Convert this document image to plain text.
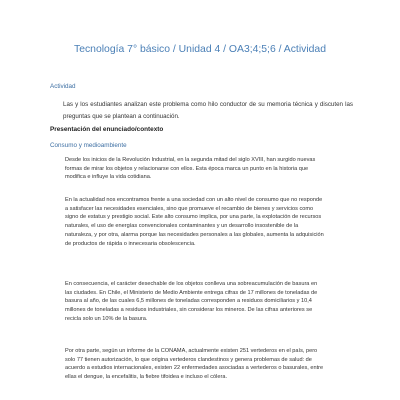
Tecnología 7° básico / Unidad 4 / OA3;4;5;6 / Actividad

Actividad

Las y los estudiantes analizan este problema como hilo conductor de su memoria técnica y discuten las preguntas que se plantean a continuación.

Presentación del enunciado/contexto

Consumo y medioambiente

Desde los inicios de la Revolución Industrial, en la segunda mitad del siglo XVIII, han surgido nuevas formas de mirar los objetos y relacionarse con ellos. Esta época marca un punto en la historia que modifica e influye la vida cotidiana.

En la actualidad nos encontramos frente a una sociedad con un alto nivel de consumo que no responde a satisfacer las necesidades esenciales, sino que promueve el recambio de bienes y servicios como signo de estatus y prestigio social. Este alto consumo implica, por una parte, la explotación de recursos naturales, el uso de energías convencionales contaminantes y un desarrollo insostenible de la naturaleza, y por otra, alarma porque las necesidades personales a las globales, aumenta la adquisición de productos de rápida o innecesaria obsolescencia.

En consecuencia, el carácter desechable de los objetos conlleva una sobreacumulación de basura en las ciudades. En Chile, el Ministerio de Medio Ambiente entrega cifras de 17 millones de toneladas de basura al año, de las cuales 6,5 millones de toneladas corresponden a residuos domiciliarios y 10,4 millones de toneladas a residuos industriales, sin considerar los mineros. De las cifras anteriores se recicla solo un 10% de la basura.

Por otra parte, según un informe de la CONAMA, actualmente existen 251 vertederos en el país, pero solo 77 tienen autorización, lo que origina vertederos clandestinos y genera problemas de salud: de acuerdo a estudios internacionales, existen 22 enfermedades asociadas a vertederos o basurales, entre ellas el dengue, la encefalitis, la fiebre tifoidea e incluso el cólera.
